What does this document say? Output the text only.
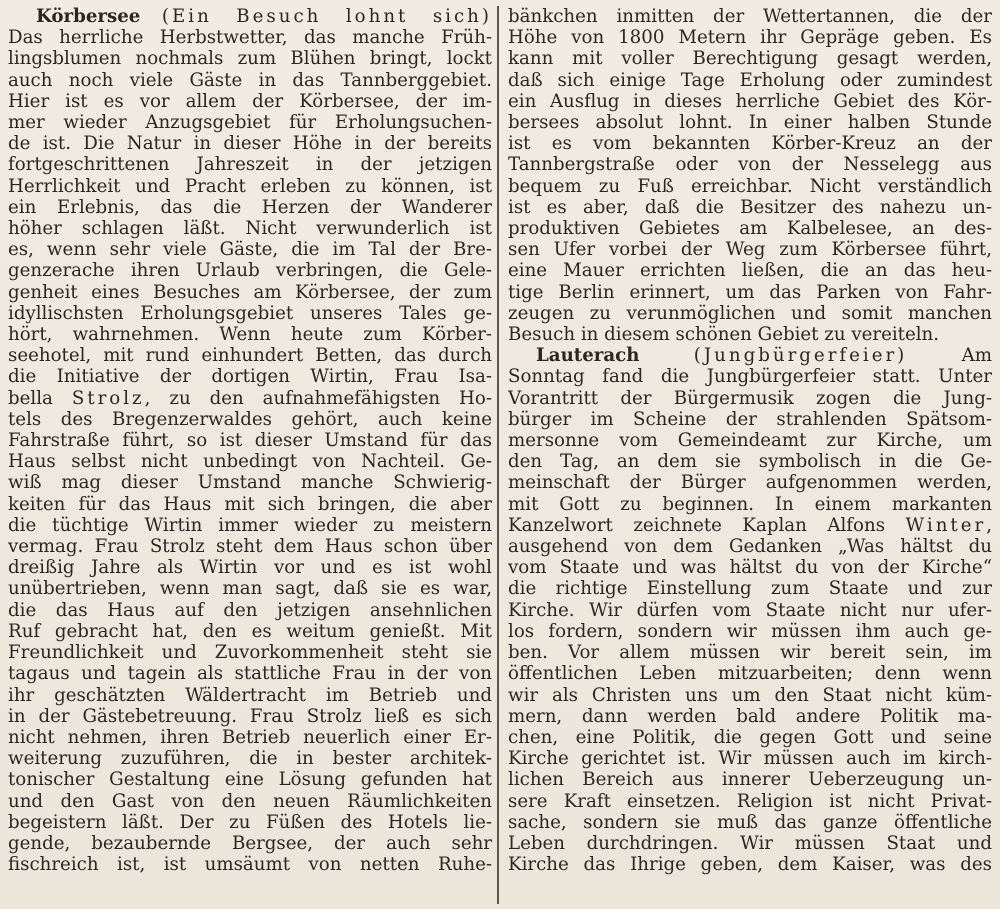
Körbersee (Ein Besuch lohnt sich)
Das herrliche Herbstwetter, das manche Früh-
lingsblumen nochmals zum Blühen bringt, lockt
auch noch viele Gäste in das Tannberggebiet.
Hier ist es vor allem der Körbersee, der im-
mer wieder Anzugsgebiet für Erholungsuchen-
de ist. Die Natur in dieser Höhe in der bereits
fortgeschrittenen Jahreszeit in der jetzigen
Herrlichkeit und Pracht erleben zu können, ist
ein Erlebnis, das die Herzen der Wanderer
höher schlagen läßt. Nicht verwunderlich ist
es, wenn sehr viele Gäste, die im Tal der Bre-
genzerache ihren Urlaub verbringen, die Gele-
genheit eines Besuches am Körbersee, der zum
idyllischsten Erholungsgebiet unseres Tales ge-
hört, wahrnehmen. Wenn heute zum Körber-
seehotel, mit rund einhundert Betten, das durch
die Initiative der dortigen Wirtin, Frau Isa-
bella Strolz, zu den aufnahmefähigsten Ho-
tels des Bregenzerwaldes gehört, auch keine
Fahrstraße führt, so ist dieser Umstand für das
Haus selbst nicht unbedingt von Nachteil. Ge-
wiß mag dieser Umstand manche Schwierig-
keiten für das Haus mit sich bringen, die aber
die tüchtige Wirtin immer wieder zu meistern
vermag. Frau Strolz steht dem Haus schon über
dreißig Jahre als Wirtin vor und es ist wohl
unübertrieben, wenn man sagt, daß sie es war,
die das Haus auf den jetzigen ansehnlichen
Ruf gebracht hat, den es weitum genießt. Mit
Freundlichkeit und Zuvorkommenheit steht sie
tagaus und tagein als stattliche Frau in der von
ihr geschätzten Wäldertracht im Betrieb und
in der Gästebetreuung. Frau Strolz ließ es sich
nicht nehmen, ihren Betrieb neuerlich einer Er-
weiterung zuzuführen, die in bester architek-
tonischer Gestaltung eine Lösung gefunden hat
und den Gast von den neuen Räumlichkeiten
begeistern läßt. Der zu Füßen des Hotels lie-
gende, bezaubernde Bergsee, der auch sehr
fischreich ist, ist umsäumt von netten Ruhe-
bänkchen inmitten der Wettertannen, die der
Höhe von 1800 Metern ihr Gepräge geben. Es
kann mit voller Berechtigung gesagt werden,
daß sich einige Tage Erholung oder zumindest
ein Ausflug in dieses herrliche Gebiet des Kör-
bersees absolut lohnt. In einer halben Stunde
ist es vom bekannten Körber-Kreuz an der
Tannbergstraße oder von der Nesselegg aus
bequem zu Fuß erreichbar. Nicht verständlich
ist es aber, daß die Besitzer des nahezu un-
produktiven Gebietes am Kalbelesee, an des-
sen Ufer vorbei der Weg zum Körbersee führt,
eine Mauer errichten ließen, die an das heu-
tige Berlin erinnert, um das Parken von Fahr-
zeugen zu verunmöglichen und somit manchen
Besuch in diesem schönen Gebiet zu vereiteln.
Lauterach	(Jungbürgerfeier) Am
Sonntag fand die Jungbürgerfeier statt. Unter
Vorantritt der Bürgermusik zogen die Jung-
bürger im Scheine der strahlenden Spätsom-
mersonne vom Gemeindeamt zur Kirche, um
den Tag, an dem sie symbolisch in die Ge-
meinschaft der Bürger aufgenommen werden,
mit Gott zu beginnen. In einem markanten
Kanzelwort zeichnete Kaplan Alfons Winter,
ausgehend von dem Gedanken „Was hältst du
vom Staate und was hältst du von der Kirche“
die richtige Einstellung zum Staate und zur
Kirche. Wir dürfen vom Staate nicht nur ufer-
los fordern, sondern wir müssen ihm auch ge-
ben. Vor allem müssen wir bereit sein, im
öffentlichen Leben mitzuarbeiten; denn wenn
wir als Christen uns um den Staat nicht küm-
mern, dann werden bald andere Politik ma-
chen, eine Politik, die gegen Gott und seine
Kirche gerichtet ist. Wir müssen auch im kirch-
lichen Bereich aus innerer Ueberzeugung un-
sere Kraft einsetzen. Religion ist nicht Privat-
sache, sondern sie muß das ganze öffentliche
Leben durchdringen. Wir müssen Staat und
Kirche das Ihrige geben, dem Kaiser, was des
